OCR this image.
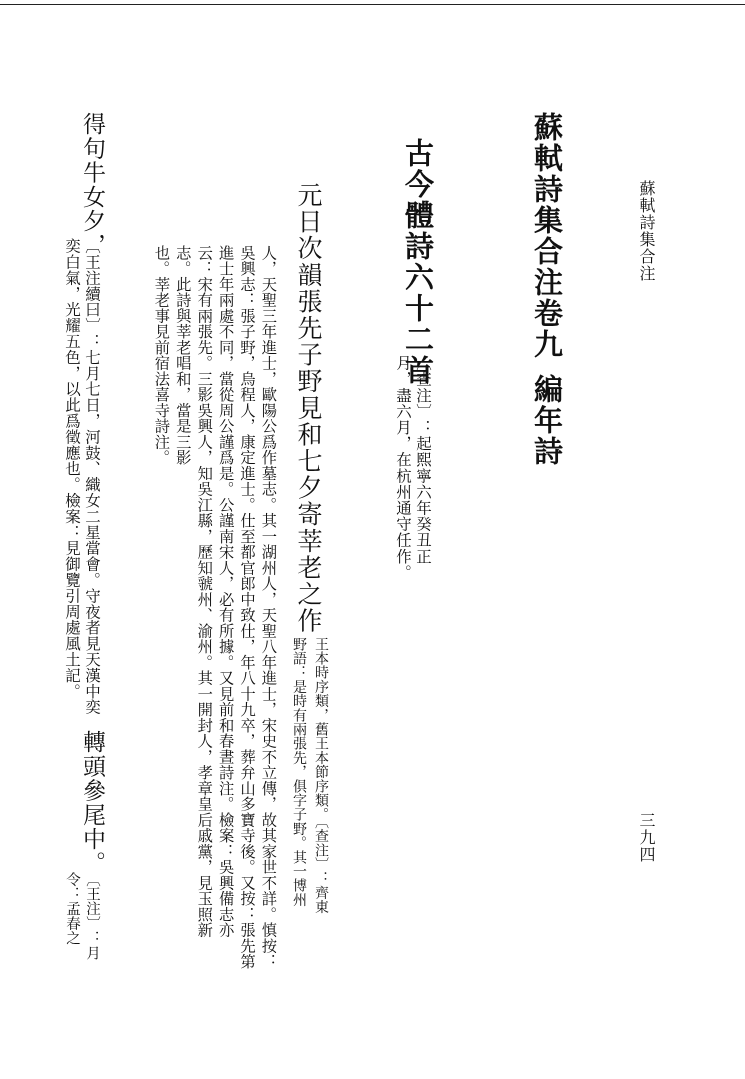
蘇軾詩集合注
三九四
蘇軾詩集合注卷九編年詩
古今體詩六十二首
〔查注〕：起熙寧六年癸丑正
月，盡六月，在杭州通守任作。
元日次韻張先子野見和七夕寄莘老之作
王本時序類，舊王本節序類。〔查注〕：齊東
野語：是時有兩張先，俱字子野。其一博州
人，天聖三年進士，歐陽公爲作墓志。其一湖州人，天聖八年進士，宋史不立傳，故其家世不詳。慎按：
吳興志：張子野，烏程人，康定進士。仕至都官郎中致仕，年八十九卒，葬弁山多寶寺後。又按：張先第
進士年兩處不同，當從周公謹爲是。公謹南宋人，必有所據。又見前和春晝詩注。檢案：吳興備志亦
云：宋有兩張先。三影吳興人，知吳江縣，歷知虢州、渝州。其一開封人，孝章皇后戚黨，見玉照新
志。此詩與莘老唱和，當是三影
也。莘老事見前宿法喜寺詩注。
得句牛女夕，
〔王注續曰〕：七月七日，河鼓、織女二星當會。守夜者見天漢中奕
奕白氣，光耀五色，以此爲徵應也。檢案：見御覽引周處風土記。
轉頭參尾中。
〔王注〕：月
令：孟春之
